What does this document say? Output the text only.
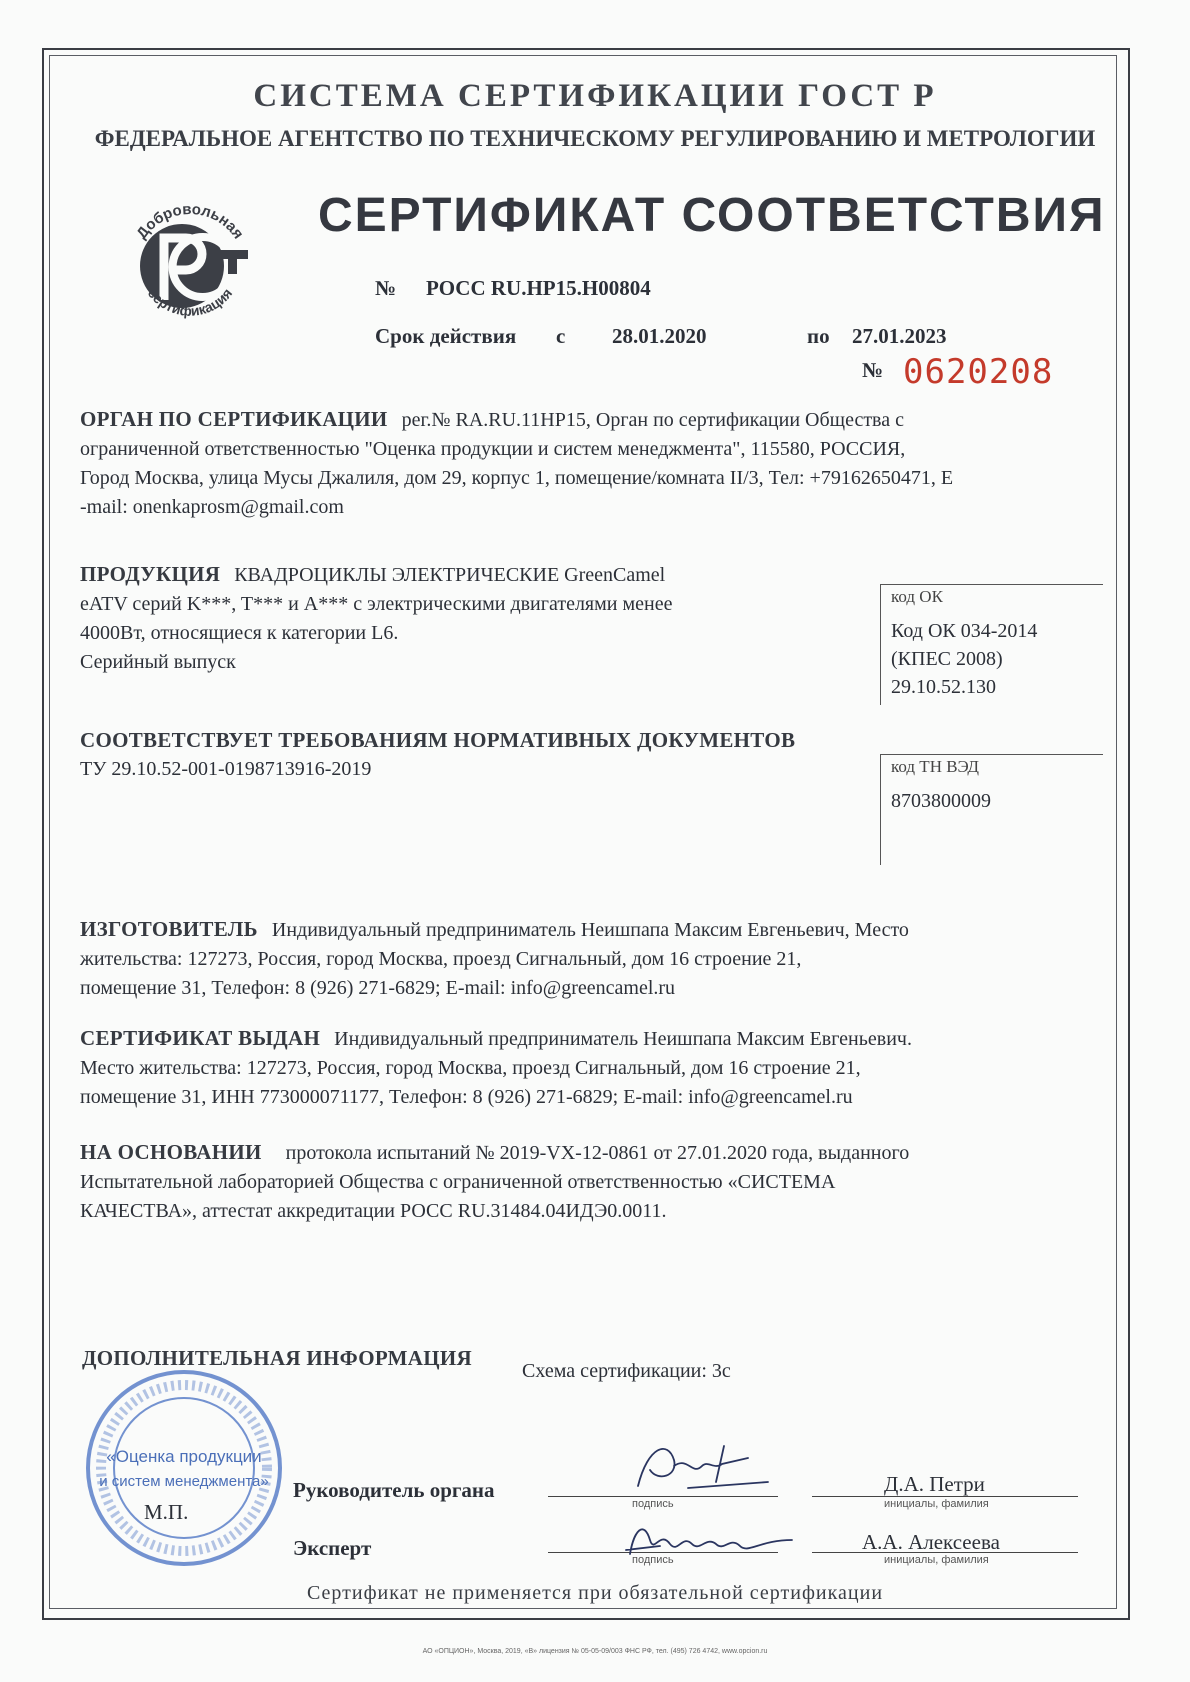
СИСТЕМА СЕРТИФИКАЦИИ ГОСТ Р
ФЕДЕРАЛЬНОЕ АГЕНТСТВО ПО ТЕХНИЧЕСКОМУ РЕГУЛИРОВАНИЮ И МЕТРОЛОГИИ
Добровольная
сертификация
СЕРТИФИКАТ СООТВЕТСТВИЯ
№ РОСС RU.НР15.Н00804
Срок действия с 28.01.2020	по 27.01.2023
№ 0620208
ОРГАН ПО СЕРТИФИКАЦИИ рег.№ RA.RU.11НР15, Орган по сертификации Общества с
ограниченной ответственностью "Оценка продукции и систем менеджмента", 115580, РОССИЯ,
Город Москва, улица Мусы Джалиля, дом 29, корпус 1, помещение/комната II/3, Тел: +79162650471, E
-mail: onenkaprosm@gmail.com
ПРОДУКЦИЯ КВАДРОЦИКЛЫ ЭЛЕКТРИЧЕСКИЕ GreenCamel
eATV серий K***, T*** и A*** с электрическими двигателями менее
4000Вт, относящиеся к категории L6.
Серийный выпуск
код ОК
Код ОК 034-2014
(КПЕС 2008)
29.10.52.130
СООТВЕТСТВУЕТ ТРЕБОВАНИЯМ НОРМАТИВНЫХ ДОКУМЕНТОВ
ТУ 29.10.52-001-0198713916-2019	код ТН ВЭД
8703800009
ИЗГОТОВИТЕЛЬ Индивидуальный предприниматель Неишпапа Максим Евгеньевич, Место
жительства: 127273, Россия, город Москва, проезд Сигнальный, дом 16 строение 21,
помещение 31, Телефон: 8 (926) 271-6829; E-mail: info@greencamel.ru
СЕРТИФИКАТ ВЫДАН Индивидуальный предприниматель Неишпапа Максим Евгеньевич.
Место жительства: 127273, Россия, город Москва, проезд Сигнальный, дом 16 строение 21,
помещение 31, ИНН 773000071177, Телефон: 8 (926) 271-6829; E-mail: info@greencamel.ru
НА ОСНОВАНИИ протокола испытаний № 2019-VX-12-0861 от 27.01.2020 года, выданного
Испытательной лабораторией Общества с ограниченной ответственностью «СИСТЕМА
КАЧЕСТВА», аттестат аккредитации РОСС RU.31484.04ИДЭ0.0011.
ДОПОЛНИТЕЛЬНАЯ ИНФОРМАЦИЯ
Схема сертификации: 3с
«Оценка продукции
и систем менеджмента»
М.П.
Руководитель органа
подпись
Д.А. Петри
инициалы, фамилия
Эксперт	подпись
А.А. Алексеева
инициалы, фамилия
Сертификат не применяется при обязательной сертификации
АО «ОПЦИОН», Москва, 2019, «В» лицензия № 05-05-09/003 ФНС РФ, тел. (495) 726 4742, www.opcion.ru
